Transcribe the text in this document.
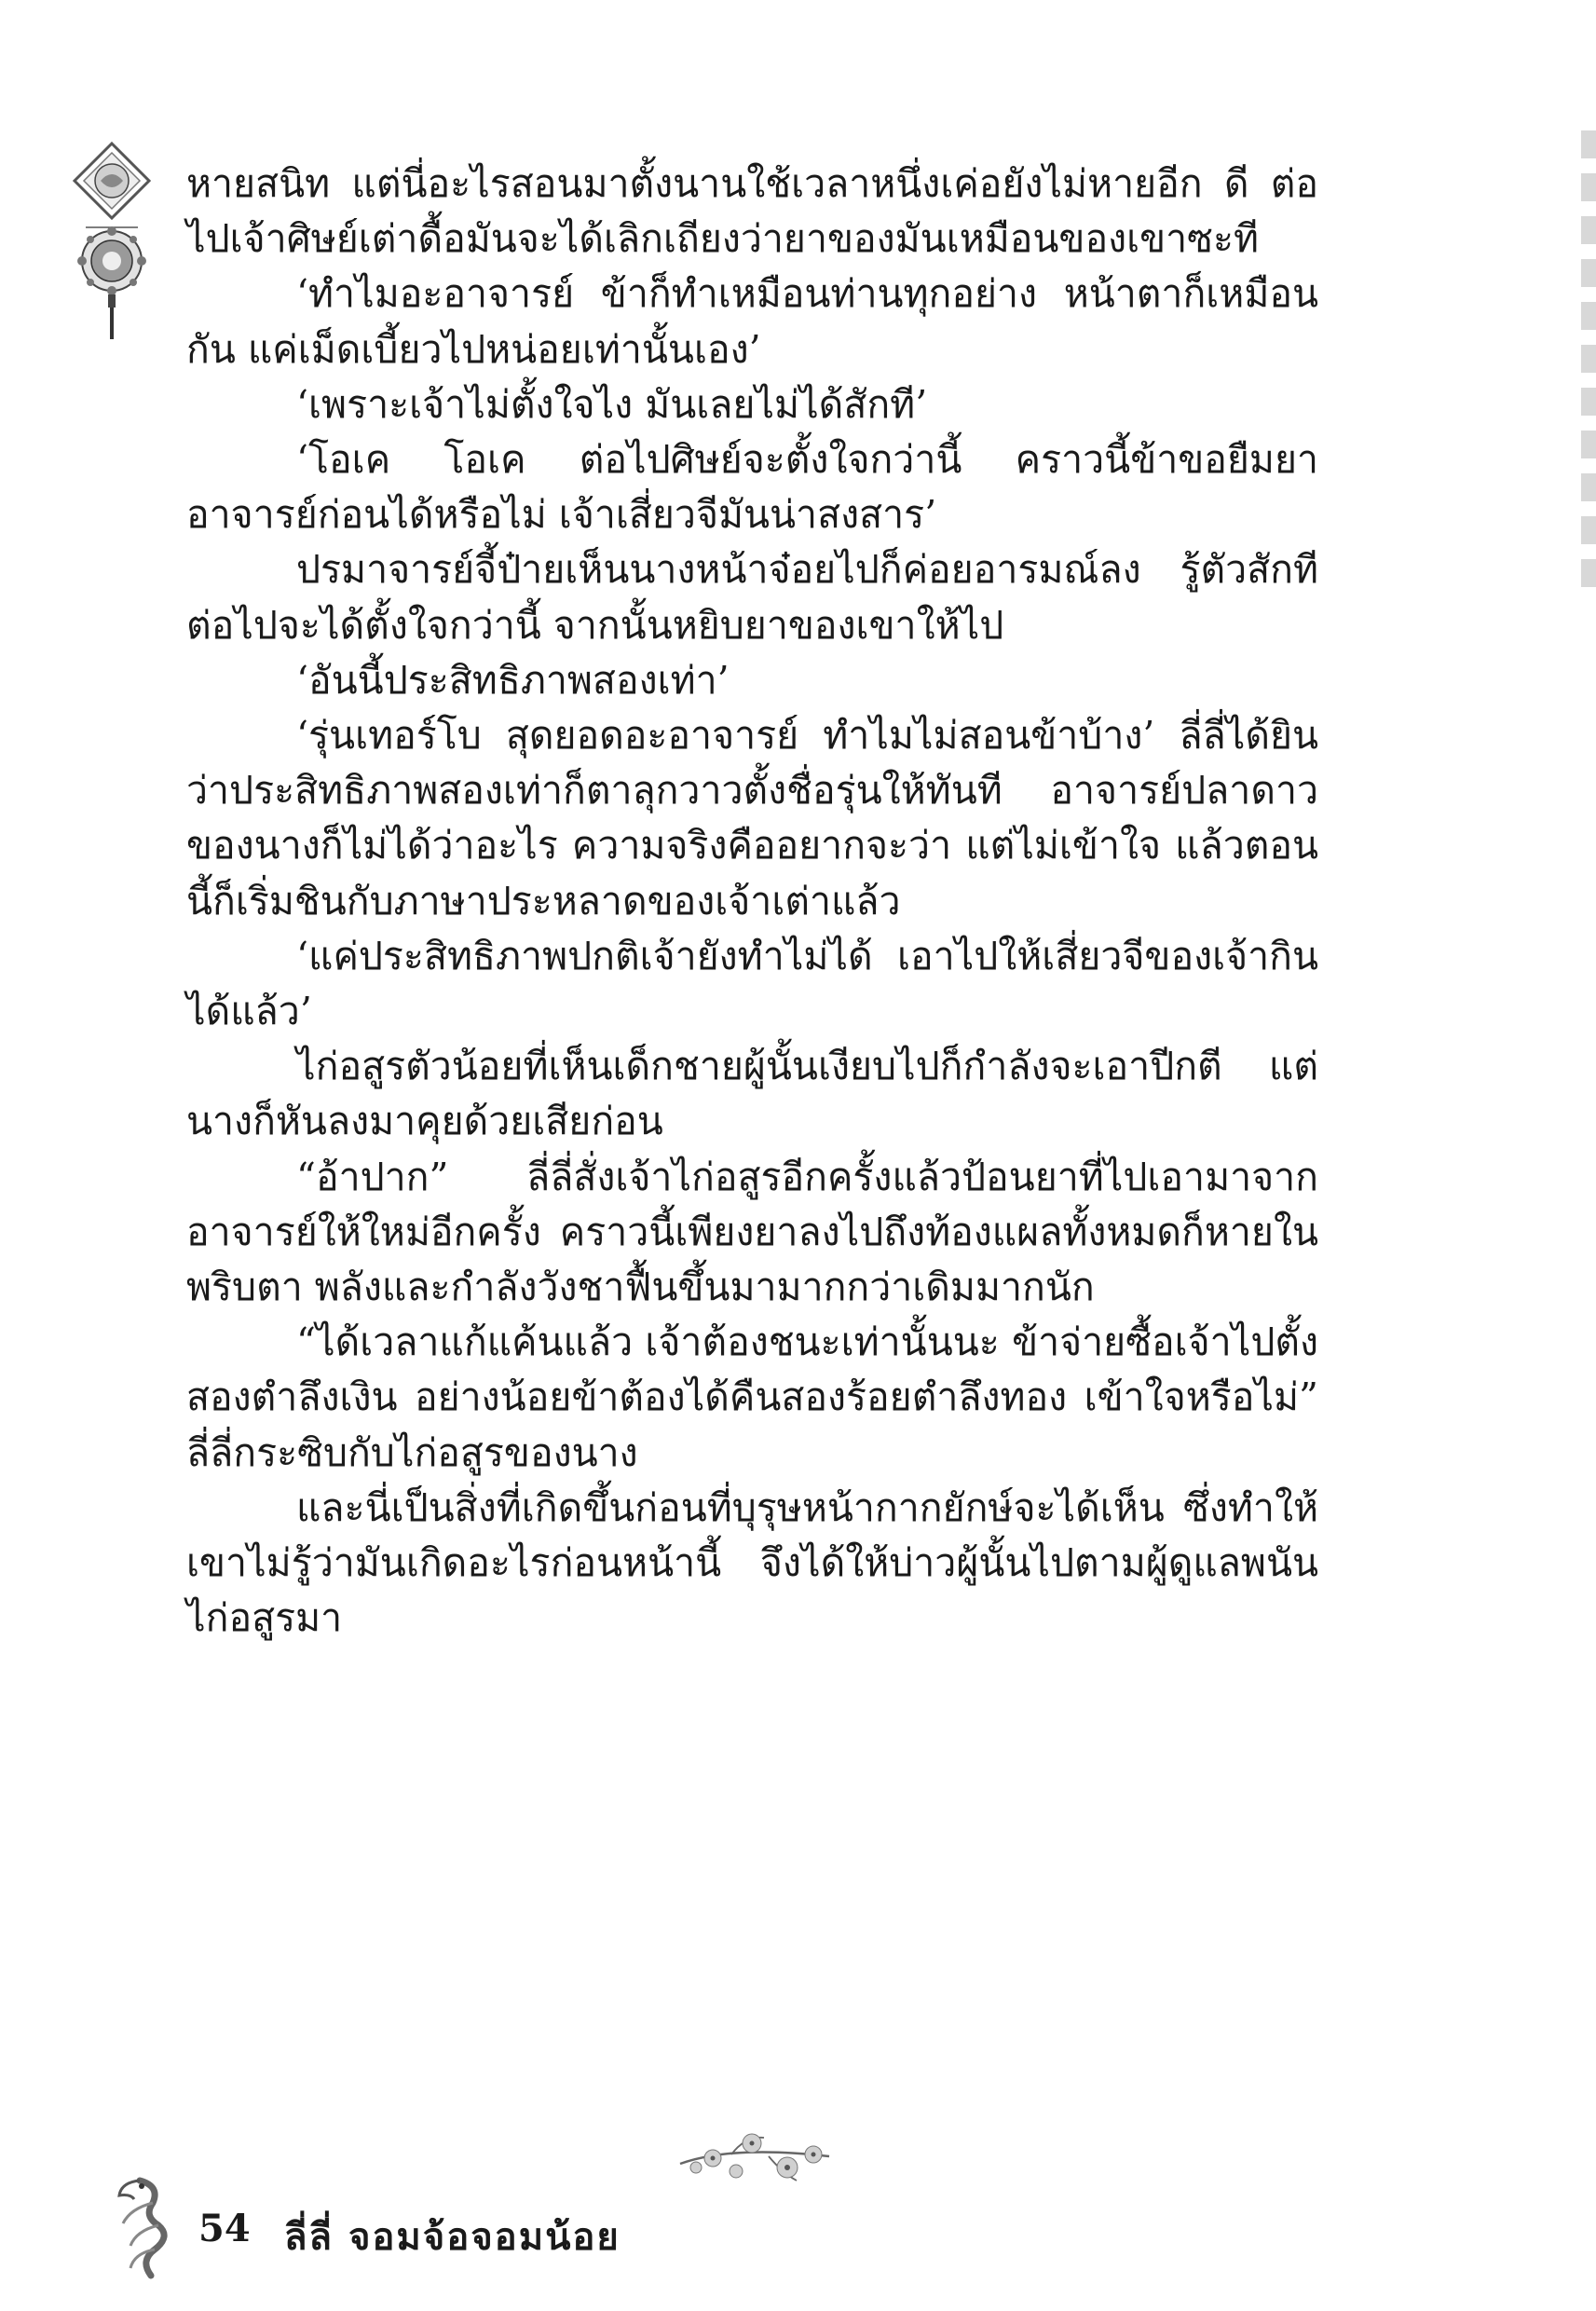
หายสนิท แต่นี่อะไรสอนมาตั้งนานใช้เวลาหนึ่งเค่อยังไม่หายอีก ดี ต่อไปเจ้าศิษย์เต่าดื้อมันจะได้เลิกเถียงว่ายาของมันเหมือนของเขาซะที

‘ทำไมอะอาจารย์ ข้าก็ทำเหมือนท่านทุกอย่าง หน้าตาก็เหมือนกัน แค่เม็ดเบี้ยวไปหน่อยเท่านั้นเอง’

‘เพราะเจ้าไม่ตั้งใจไง มันเลยไม่ได้สักที’

‘โอเค โอเค ต่อไปศิษย์จะตั้งใจกว่านี้ คราวนี้ข้าขอยืมยาอาจารย์ก่อนได้หรือไม่ เจ้าเสี่ยวจีมันน่าสงสาร’

ปรมาจารย์จี้ป๋ายเห็นนางหน้าจ๋อยไปก็ค่อยอารมณ์ลง รู้ตัวสักที ต่อไปจะได้ตั้งใจกว่านี้ จากนั้นหยิบยาของเขาให้ไป

‘อันนี้ประสิทธิภาพสองเท่า’

‘รุ่นเทอร์โบ สุดยอดอะอาจารย์ ทำไมไม่สอนข้าบ้าง’ ลี่ลี่ได้ยินว่าประสิทธิภาพสองเท่าก็ตาลุกวาวตั้งชื่อรุ่นให้ทันที อาจารย์ปลาดาวของนางก็ไม่ได้ว่าอะไร ความจริงคืออยากจะว่า แต่ไม่เข้าใจ แล้วตอนนี้ก็เริ่มชินกับภาษาประหลาดของเจ้าเต่าแล้ว

‘แค่ประสิทธิภาพปกติเจ้ายังทำไม่ได้ เอาไปให้เสี่ยวจีของเจ้ากินได้แล้ว’

ไก่อสูรตัวน้อยที่เห็นเด็กชายผู้นั้นเงียบไปก็กำลังจะเอาปีกตี แต่นางก็หันลงมาคุยด้วยเสียก่อน

“อ้าปาก” ลี่ลี่สั่งเจ้าไก่อสูรอีกครั้งแล้วป้อนยาที่ไปเอามาจากอาจารย์ให้ใหม่อีกครั้ง คราวนี้เพียงยาลงไปถึงท้องแผลทั้งหมดก็หายในพริบตา พลังและกำลังวังชาฟื้นขึ้นมามากกว่าเดิมมากนัก

“ได้เวลาแก้แค้นแล้ว เจ้าต้องชนะเท่านั้นนะ ข้าจ่ายซื้อเจ้าไปตั้งสองตำลึงเงิน อย่างน้อยข้าต้องได้คืนสองร้อยตำลึงทอง เข้าใจหรือไม่” ลี่ลี่กระซิบกับไก่อสูรของนาง

และนี่เป็นสิ่งที่เกิดขึ้นก่อนที่บุรุษหน้ากากยักษ์จะได้เห็น ซึ่งทำให้เขาไม่รู้ว่ามันเกิดอะไรก่อนหน้านี้ จึงได้ให้บ่าวผู้นั้นไปตามผู้ดูแลพนันไก่อสูรมา

54 ลี่ลี่ จอมจ้อจอมน้อย
